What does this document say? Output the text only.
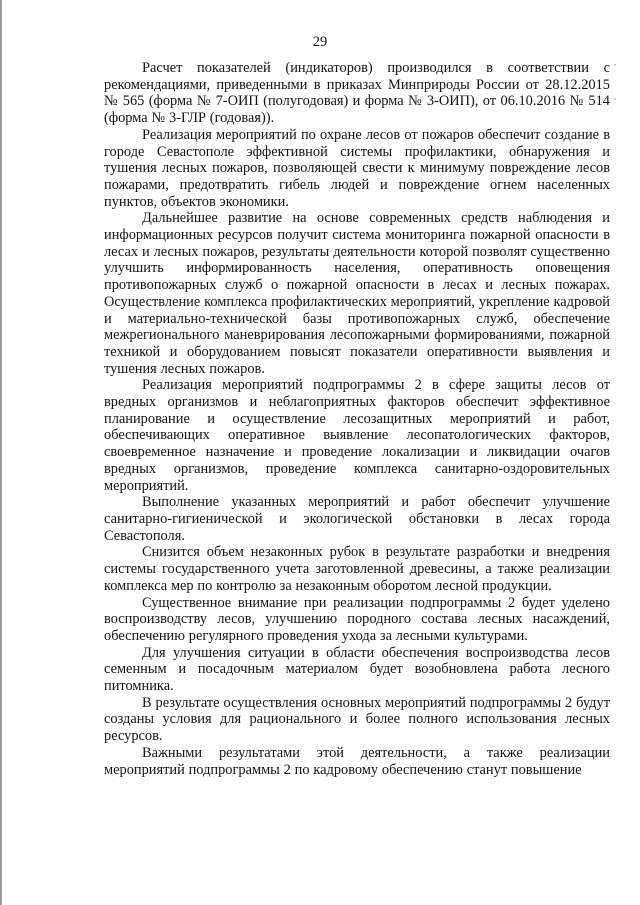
29

Расчет показателей (индикаторов) производился в соответствии с рекомендациями, приведенными в приказах Минприроды России от 28.12.2015 № 565 (форма № 7-ОИП (полугодовая) и форма № 3-ОИП), от 06.10.2016 № 514 (форма № 3-ГЛР (годовая)).

Реализация мероприятий по охране лесов от пожаров обеспечит создание в городе Севастополе эффективной системы профилактики, обнаружения и тушения лесных пожаров, позволяющей свести к минимуму повреждение лесов пожарами, предотвратить гибель людей и повреждение огнем населенных пунктов, объектов экономики.

Дальнейшее развитие на основе современных средств наблюдения и информационных ресурсов получит система мониторинга пожарной опасности в лесах и лесных пожаров, результаты деятельности которой позволят существенно улучшить информированность населения, оперативность оповещения противопожарных служб о пожарной опасности в лесах и лесных пожарах. Осуществление комплекса профилактических мероприятий, укрепление кадровой и материально-технической базы противопожарных служб, обеспечение межрегионального маневрирования лесопожарными формированиями, пожарной техникой и оборудованием повысят показатели оперативности выявления и тушения лесных пожаров.

Реализация мероприятий подпрограммы 2 в сфере защиты лесов от вредных организмов и неблагоприятных факторов обеспечит эффективное планирование и осуществление лесозащитных мероприятий и работ, обеспечивающих оперативное выявление лесопатологических факторов, своевременное назначение и проведение локализации и ликвидации очагов вредных организмов, проведение комплекса санитарно-оздоровительных мероприятий.

Выполнение указанных мероприятий и работ обеспечит улучшение санитарно-гигиенической и экологической обстановки в лесах города Севастополя.

Снизится объем незаконных рубок в результате разработки и внедрения системы государственного учета заготовленной древесины, а также реализации комплекса мер по контролю за незаконным оборотом лесной продукции.

Существенное внимание при реализации подпрограммы 2 будет уделено воспроизводству лесов, улучшению породного состава лесных насаждений, обеспечению регулярного проведения ухода за лесными культурами.

Для улучшения ситуации в области обеспечения воспроизводства лесов семенным и посадочным материалом будет возобновлена работа лесного питомника.

В результате осуществления основных мероприятий подпрограммы 2 будут созданы условия для рационального и более полного использования лесных ресурсов.

Важными результатами этой деятельности, а также реализации мероприятий подпрограммы 2 по кадровому обеспечению станут повышение

˙
˙
